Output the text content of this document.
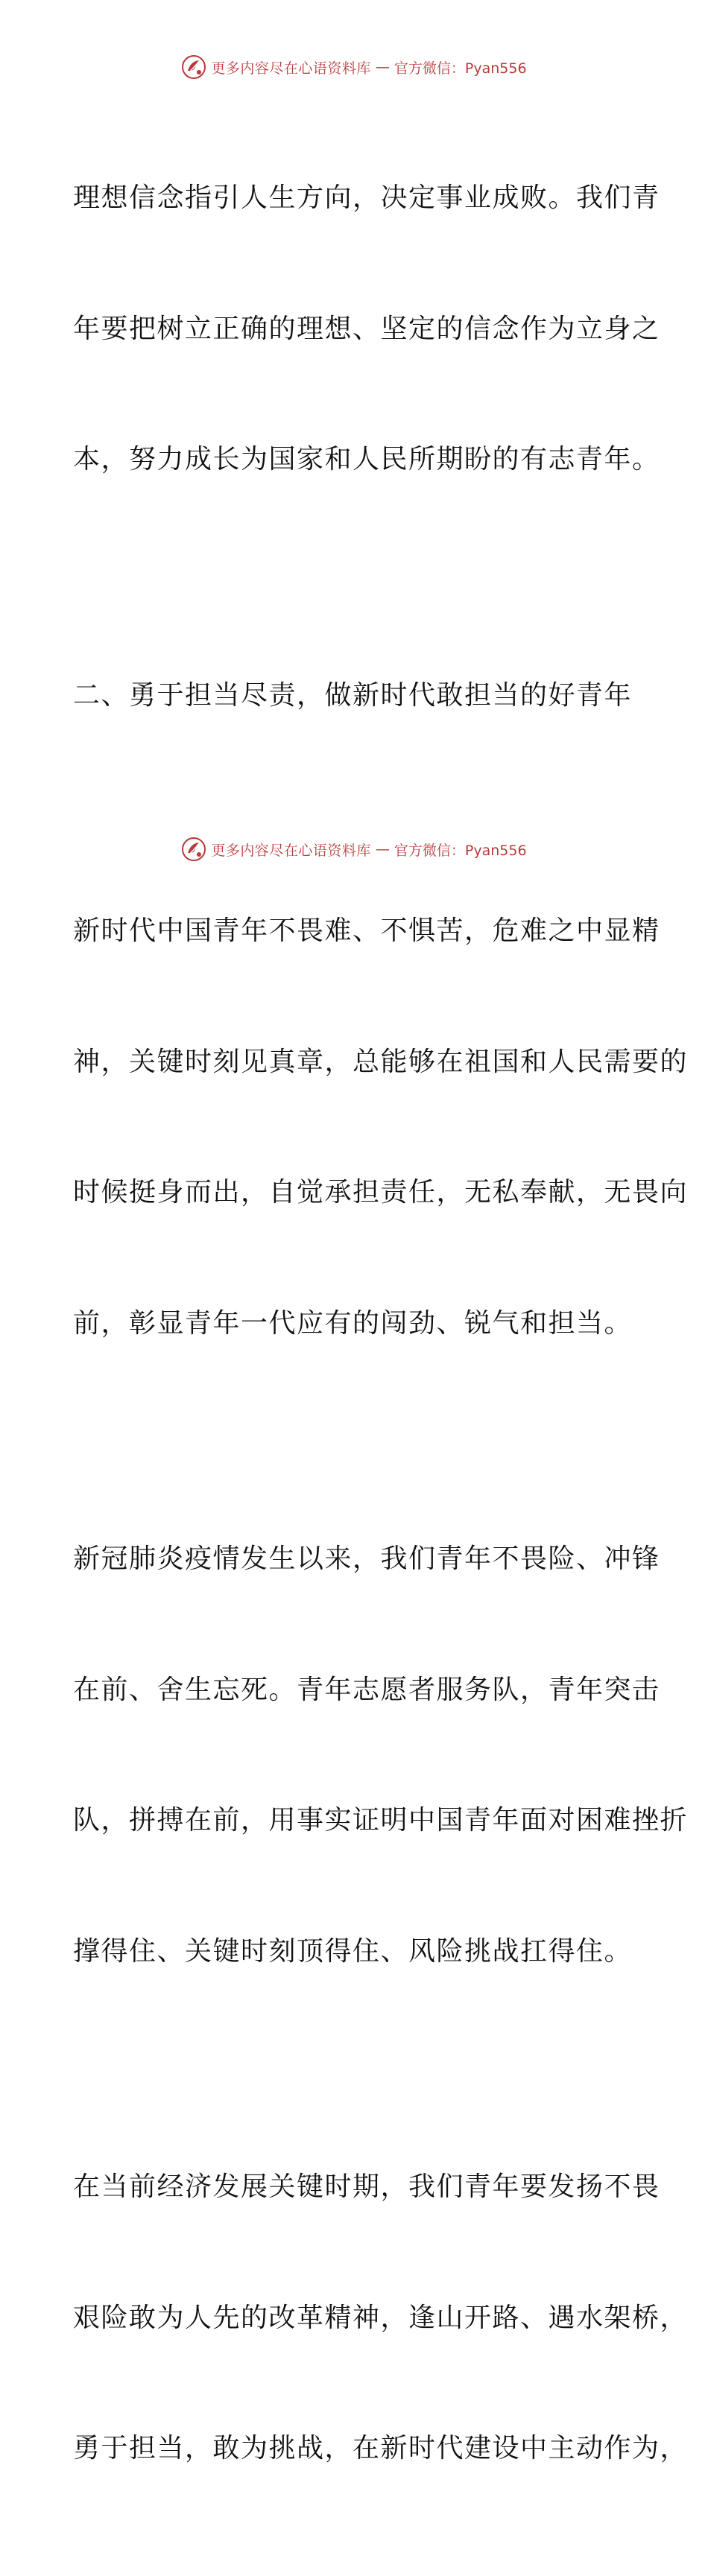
更多内容尽在心语资料库 — 官方微信：Pyan556

理想信念指引人生方向，决定事业成败。我们青

年要把树立正确的理想、坚定的信念作为立身之

本，努力成长为国家和人民所期盼的有志青年。

二、勇于担当尽责，做新时代敢担当的好青年

新时代中国青年不畏难、不惧苦，危难之中显精

神，关键时刻见真章，总能够在祖国和人民需要的

时候挺身而出，自觉承担责任，无私奉献，无畏向

前，彰显青年一代应有的闯劲、锐气和担当。

新冠肺炎疫情发生以来，我们青年不畏险、冲锋

在前、舍生忘死。青年志愿者服务队，青年突击

队，拼搏在前，用事实证明中国青年面对困难挫折

撑得住、关键时刻顶得住、风险挑战扛得住。

在当前经济发展关键时期，我们青年要发扬不畏

艰险敢为人先的改革精神，逢山开路、遇水架桥，

勇于担当，敢为挑战，在新时代建设中主动作为，

更多内容尽在心语资料库 — 官方微信：Pyan556
